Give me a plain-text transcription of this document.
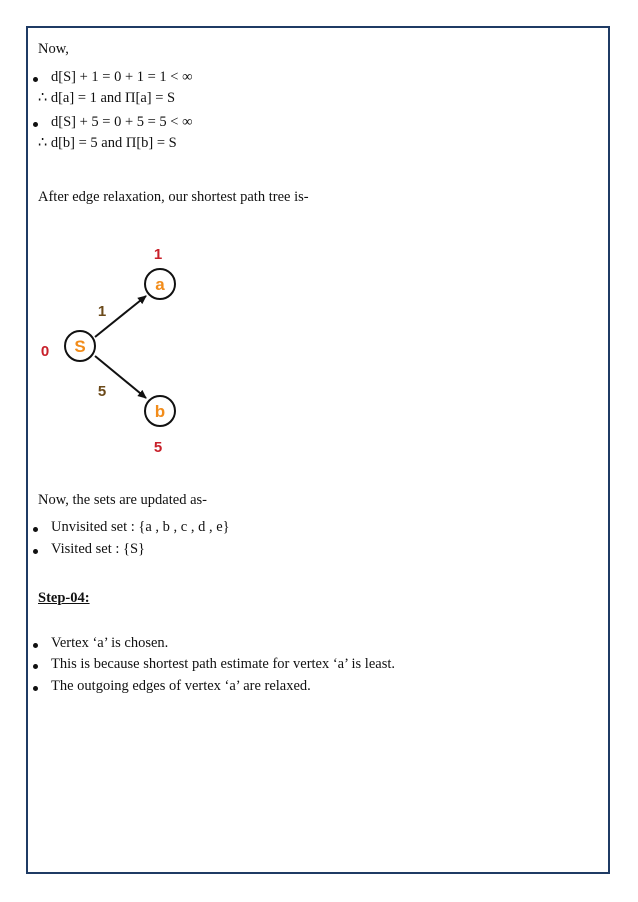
Now,
d[S] + 1 = 0 + 1 = 1 < ∞
∴ d[a] = 1 and Π[a] = S
d[S] + 5 = 0 + 5 = 5 < ∞
∴ d[b] = 5 and Π[b] = S
After edge relaxation, our shortest path tree is-
S
a
b
0
1
5
1
5
Now, the sets are updated as-
Unvisited set : {a , b , c , d , e}
Visited set : {S}
Step-04:
Vertex ‘a’ is chosen.
This is because shortest path estimate for vertex ‘a’ is least.
The outgoing edges of vertex ‘a’ are relaxed.
